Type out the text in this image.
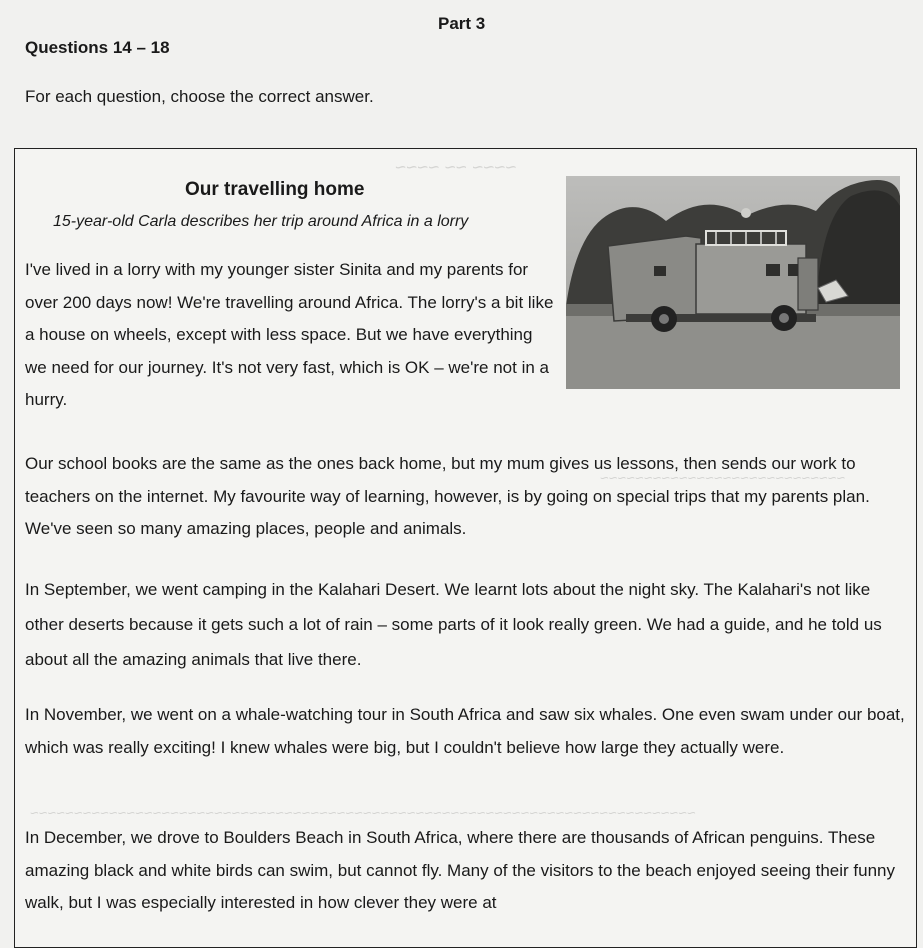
Part 3
Questions 14 – 18
For each question, choose the correct answer.
~~~~ ~~ ~~~~
~~~~~~~~~~~~~~~~~~~~~~~~~~~~
~~~~~~~~~~~~~~~~~~~~~~~~~~~~~~~~~~~~~~~~~~~~~~~~~~~~~~~~~~~~~~~~~~~~~~~~~~~~
Our travelling home
15-year-old Carla describes her trip around Africa in a lorry

I've lived in a lorry with my younger sister Sinita and my parents for over 200 days now! We're travelling around Africa. The lorry's a bit like a house on wheels, except with less space. But we have everything we need for our journey. It's not very fast, which is OK – we're not in a hurry.

Our school books are the same as the ones back home, but my mum gives us lessons, then sends our work to teachers on the internet. My favourite way of learning, however, is by going on special trips that my parents plan. We've seen so many amazing places, people and animals.

In September, we went camping in the Kalahari Desert. We learnt lots about the night sky. The Kalahari's not like other deserts because it gets such a lot of rain – some parts of it look really green. We had a guide, and he told us about all the amazing animals that live there.

In November, we went on a whale-watching tour in South Africa and saw six whales. One even swam under our boat, which was really exciting! I knew whales were big, but I couldn't believe how large they actually were.

In December, we drove to Boulders Beach in South Africa, where there are thousands of African penguins. These amazing black and white birds can swim, but cannot fly. Many of the visitors to the beach enjoyed seeing their funny walk, but I was especially interested in how clever they were at
